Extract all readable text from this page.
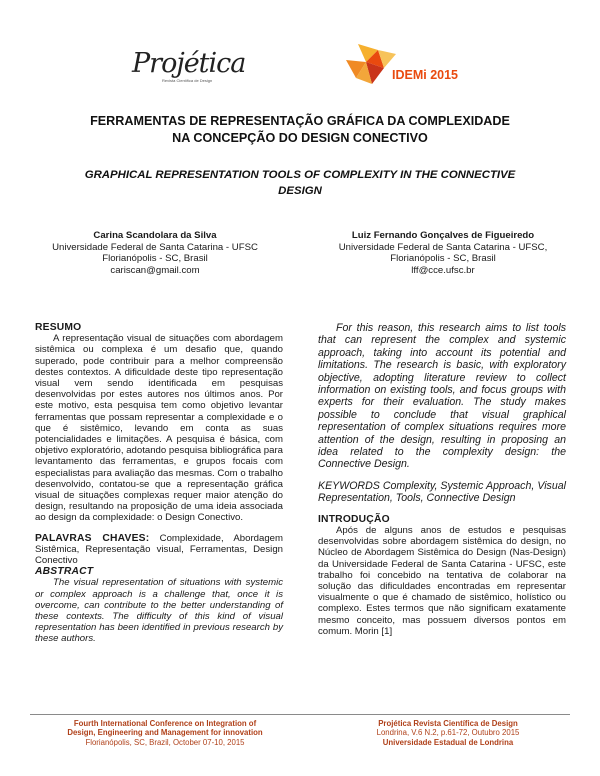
Projética
Revista Científica de Design	IDEMi 2015
FERRAMENTAS DE REPRESENTAÇÃO GRÁFICA DA COMPLEXIDADE
NA CONCEPÇÃO DO DESIGN CONECTIVO
GRAPHICAL REPRESENTATION TOOLS OF COMPLEXITY IN THE CONNECTIVE
DESIGN
Carina Scandolara da Silva
Universidade Federal de Santa Catarina - UFSC
Florianópolis - SC, Brasil
cariscan@gmail.com
Luiz Fernando Gonçalves de Figueiredo
Universidade Federal de Santa Catarina - UFSC,
Florianópolis - SC, Brasil
lff@cce.ufsc.br
RESUMO

A representação visual de situações com abordagem sistêmica ou complexa é um desafio que, quando superado, pode contribuir para a melhor compreensão destes contextos. A dificuldade deste tipo representação visual vem sendo identificada em pesquisas desenvolvidas por estes autores nos últimos anos. Por este motivo, esta pesquisa tem como objetivo levantar ferramentas que possam representar a complexidade e o que é sistêmico, levando em conta as suas potencialidades e limitações. A pesquisa é básica, com objetivo exploratório, adotando pesquisa bibliográfica para levantamento das ferramentas, e grupos focais com especialistas para avaliação das mesmas. Com o trabalho desenvolvido, contatou-se que a representação gráfica visual de situações complexas requer maior atenção do design, resultando na proposição de uma ideia associada ao design da complexidade: o Design Conectivo.

PALAVRAS CHAVES: Complexidade, Abordagem Sistêmica, Representação visual, Ferramentas, Design Conectivo

ABSTRACT

The visual representation of situations with systemic or complex approach is a challenge that, once it is overcome, can contribute to the better understanding of these contexts. The difficulty of this kind of visual representation has been identified in previous research by these authors.

For this reason, this research aims to list tools that can represent the complex and systemic approach, taking into account its potential and limitations. The research is basic, with exploratory objective, adopting literature review to collect information on existing tools, and focus groups with experts for their evaluation. The study makes possible to conclude that visual graphical representation of complex situations requires more attention of the design, resulting in proposing an idea related to the complexity design: the Connective Design.

KEYWORDS Complexity, Systemic Approach, Visual Representation, Tools, Connective Design

INTRODUÇÃO

Após de alguns anos de estudos e pesquisas desenvolvidas sobre abordagem sistêmica do design, no Núcleo de Abordagem Sistêmica do Design (Nas-Design) da Universidade Federal de Santa Catarina - UFSC, este trabalho foi concebido na tentativa de colaborar na solução das dificuldades encontradas em representar visualmente o que é chamado de sistêmico, holístico ou complexo. Estes termos que não significam exatamente mesmo conceito, mas possuem diversos pontos em comum. Morin [1]

Fourth International Conference on Integration of
Design, Engineering and Management for innovation
Florianópolis, SC, Brazil, October 07-10, 2015
Projética Revista Científica de Design
Londrina, V.6 N.2, p.61-72, Outubro 2015
Universidade Estadual de Londrina
